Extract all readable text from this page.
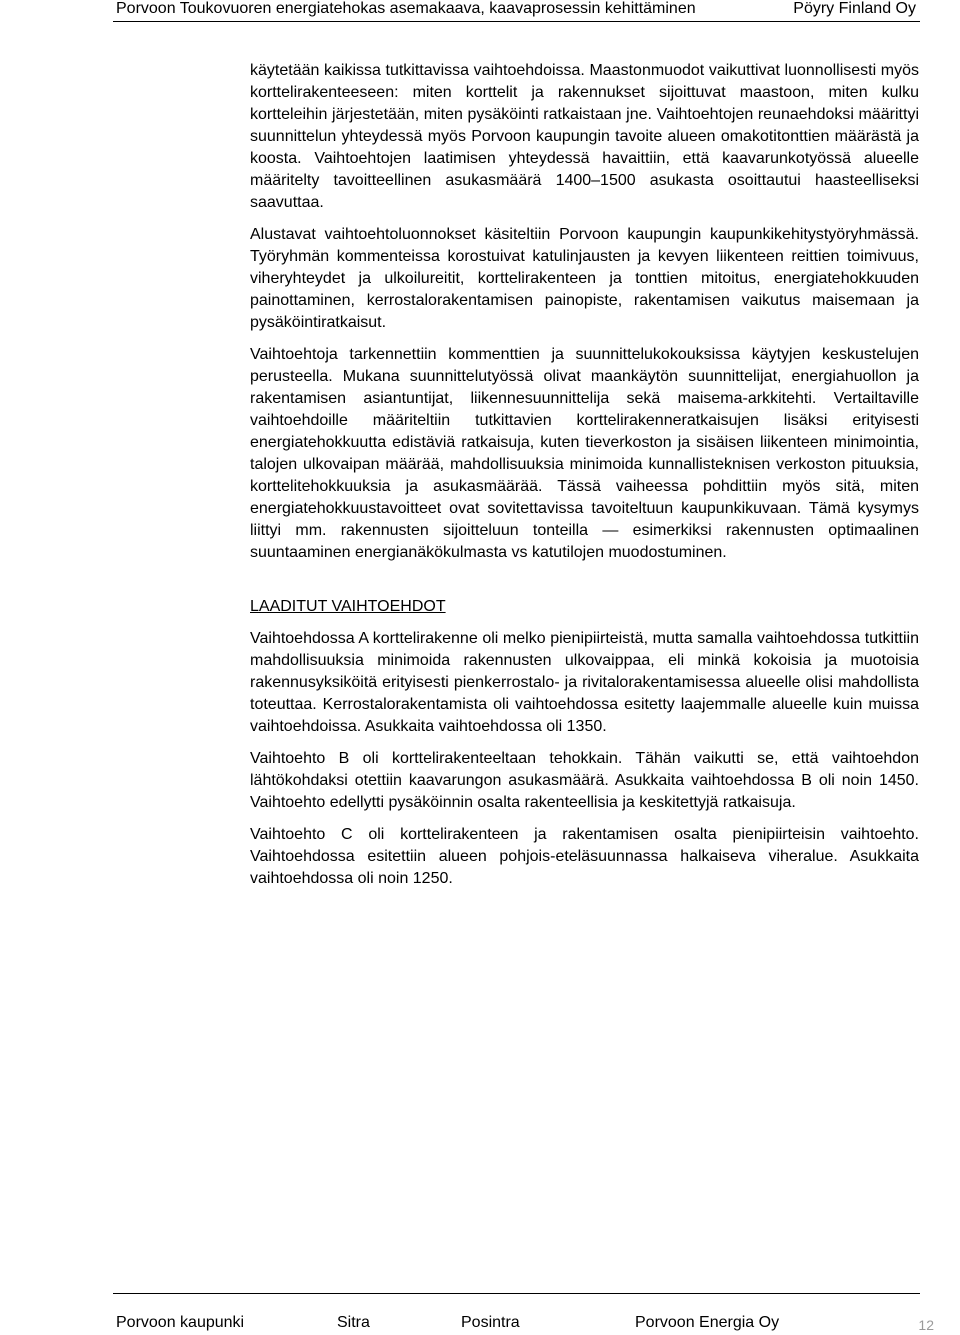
Porvoon Toukovuoren energiatehokas asemakaava, kaavaprosessin kehittäminen	Pöyry Finland Oy

käytetään kaikissa tutkittavissa vaihtoehdoissa. Maastonmuodot vaikuttivat luonnollisesti myös korttelirakenteeseen: miten korttelit ja rakennukset sijoittuvat maastoon, miten kulku kortteleihin järjestetään, miten pysäköinti ratkaistaan jne. Vaihtoehtojen reunaehdoksi määrittyi suunnittelun yhteydessä myös Porvoon kaupungin tavoite alueen omakotitonttien määrästä ja koosta. Vaihtoehtojen laatimisen yhteydessä havaittiin, että kaavarunkotyössä alueelle määritelty tavoitteellinen asukasmäärä 1400–1500 asukasta osoittautui haasteelliseksi saavuttaa.

Alustavat vaihtoehtoluonnokset käsiteltiin Porvoon kaupungin kaupunkikehitystyöryhmässä. Työryhmän kommenteissa korostuivat katulinjausten ja kevyen liikenteen reittien toimivuus, viheryhteydet ja ulkoilureitit, korttelirakenteen ja tonttien mitoitus, energiatehokkuuden painottaminen, kerrostalorakentamisen painopiste, rakentamisen vaikutus maisemaan ja pysäköintiratkaisut.

Vaihtoehtoja tarkennettiin kommenttien ja suunnittelukokouksissa käytyjen keskustelujen perusteella. Mukana suunnittelutyössä olivat maankäytön suunnittelijat, energiahuollon ja rakentamisen asiantuntijat, liikennesuunnittelija sekä maisema-arkkitehti. Vertailtaville vaihtoehdoille määriteltiin tutkittavien korttelirakenneratkaisujen lisäksi erityisesti energiatehokkuutta edistäviä ratkaisuja, kuten tieverkoston ja sisäisen liikenteen minimointia, talojen ulkovaipan määrää, mahdollisuuksia minimoida kunnallisteknisen verkoston pituuksia, korttelitehokkuuksia ja asukasmäärää. Tässä vaiheessa pohdittiin myös sitä, miten energiatehokkuustavoitteet ovat sovitettavissa tavoiteltuun kaupunkikuvaan. Tämä kysymys liittyi mm. rakennusten sijoitteluun tonteilla — esimerkiksi rakennusten optimaalinen suuntaaminen energianäkökulmasta vs katutilojen muodostuminen.

LAADITUT VAIHTOEHDOT

Vaihtoehdossa A korttelirakenne oli melko pienipiirteistä, mutta samalla vaihtoehdossa tutkittiin mahdollisuuksia minimoida rakennusten ulkovaippaa, eli minkä kokoisia ja muotoisia rakennusyksiköitä erityisesti pienkerrostalo- ja rivitalorakentamisessa alueelle olisi mahdollista toteuttaa. Kerrostalorakentamista oli vaihtoehdossa esitetty laajemmalle alueelle kuin muissa vaihtoehdoissa. Asukkaita vaihtoehdossa oli 1350.

Vaihtoehto B oli korttelirakenteeltaan tehokkain. Tähän vaikutti se, että vaihtoehdon lähtökohdaksi otettiin kaavarungon asukasmäärä. Asukkaita vaihtoehdossa B oli noin 1450. Vaihtoehto edellytti pysäköinnin osalta rakenteellisia ja keskitettyjä ratkaisuja.

Vaihtoehto C oli korttelirakenteen ja rakentamisen osalta pienipiirteisin vaihtoehto. Vaihtoehdossa esitettiin alueen pohjois-eteläsuunnassa halkaiseva viheralue. Asukkaita vaihtoehdossa oli noin 1250.

Porvoon kaupunki	Sitra	Posintra	Porvoon Energia Oy	12
